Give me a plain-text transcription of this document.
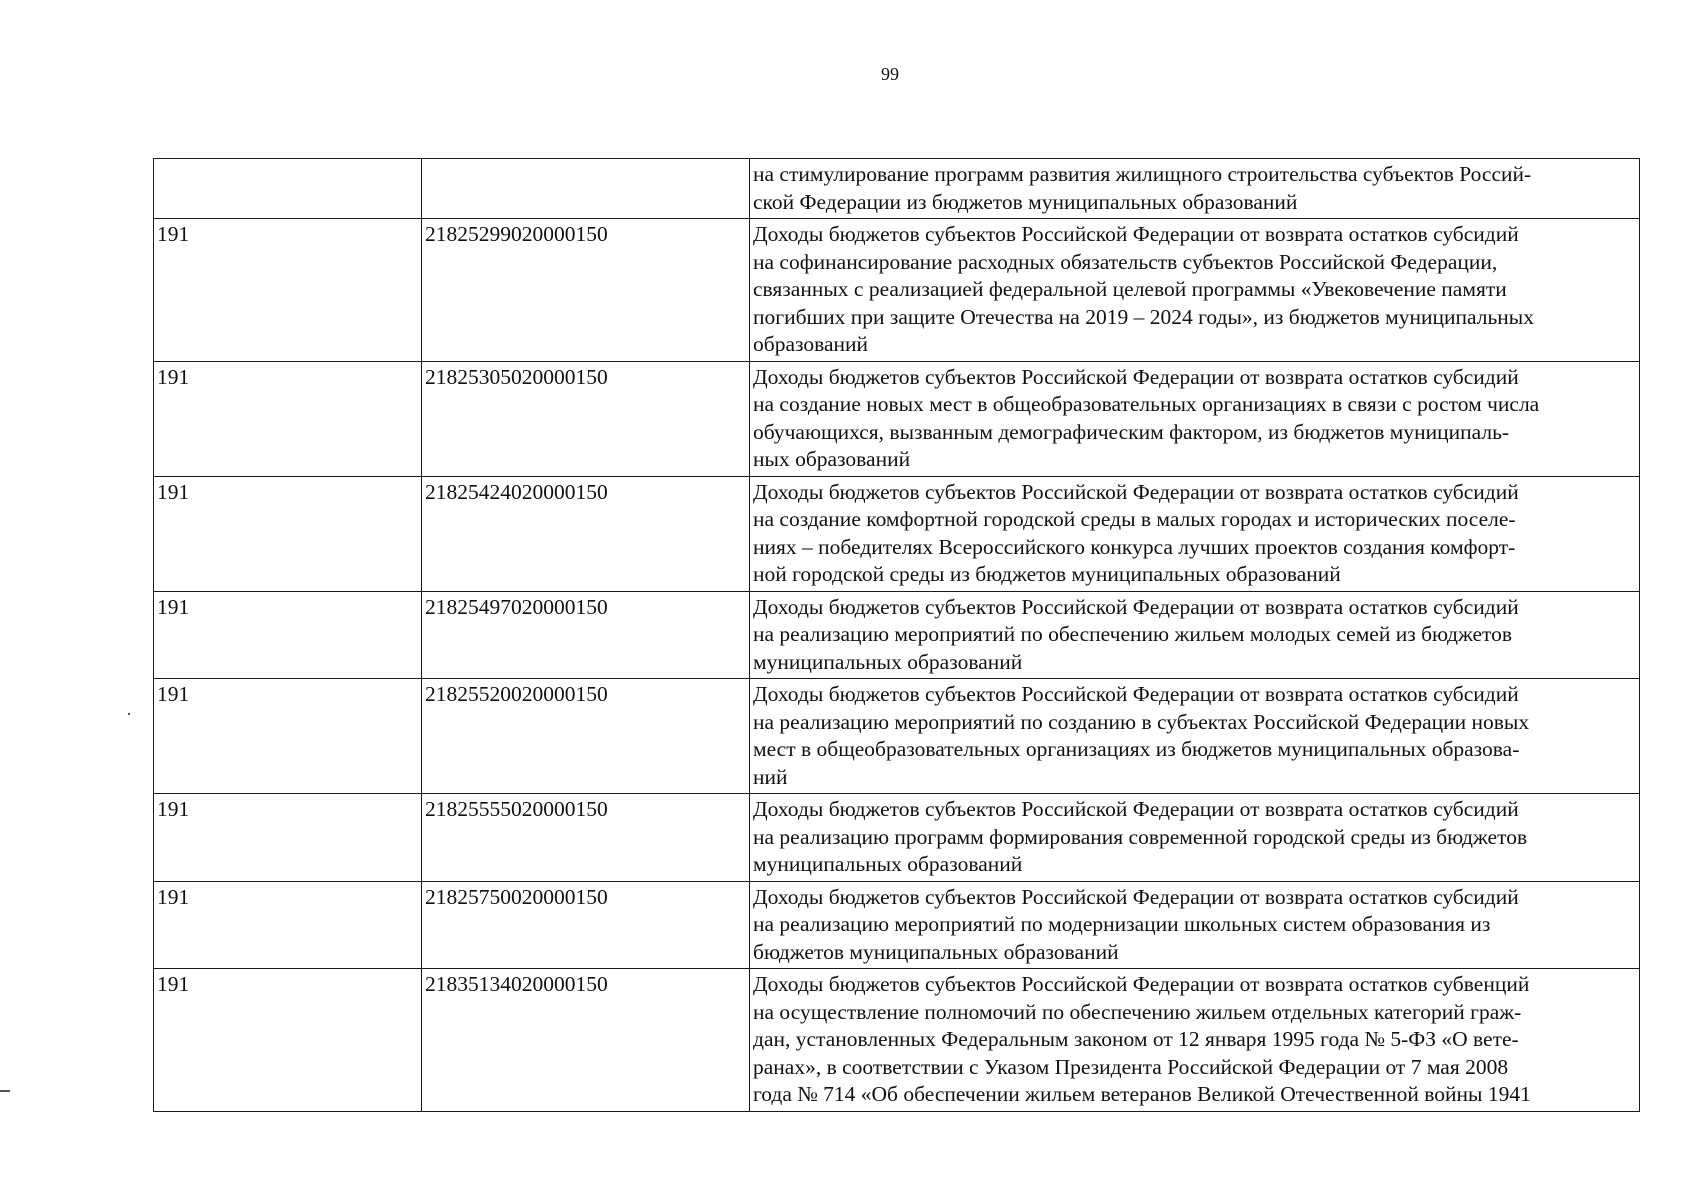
99

		на стимулирование программ развития жилищного строительства субъектов Россий-
ской Федерации из бюджетов муниципальных образований

191	21825299020000150	Доходы бюджетов субъектов Российской Федерации от возврата остатков субсидий
на софинансирование расходных обязательств субъектов Российской Федерации,
связанных с реализацией федеральной целевой программы «Увековечение памяти
погибших при защите Отечества на 2019 – 2024 годы», из бюджетов муниципальных
образований

191	21825305020000150	Доходы бюджетов субъектов Российской Федерации от возврата остатков субсидий
на создание новых мест в общеобразовательных организациях в связи с ростом числа
обучающихся, вызванным демографическим фактором, из бюджетов муниципаль-
ных образований

191	21825424020000150	Доходы бюджетов субъектов Российской Федерации от возврата остатков субсидий
на создание комфортной городской среды в малых городах и исторических поселе-
ниях – победителях Всероссийского конкурса лучших проектов создания комфорт-
ной городской среды из бюджетов муниципальных образований

191	21825497020000150	Доходы бюджетов субъектов Российской Федерации от возврата остатков субсидий
на реализацию мероприятий по обеспечению жильем молодых семей из бюджетов
муниципальных образований

191	21825520020000150	Доходы бюджетов субъектов Российской Федерации от возврата остатков субсидий
на реализацию мероприятий по созданию в субъектах Российской Федерации новых
мест в общеобразовательных организациях из бюджетов муниципальных образова-
ний

191	21825555020000150	Доходы бюджетов субъектов Российской Федерации от возврата остатков субсидий
на реализацию программ формирования современной городской среды из бюджетов
муниципальных образований

191	21825750020000150	Доходы бюджетов субъектов Российской Федерации от возврата остатков субсидий
на реализацию мероприятий по модернизации школьных систем образования из
бюджетов муниципальных образований

191	21835134020000150	Доходы бюджетов субъектов Российской Федерации от возврата остатков субвенций
на осуществление полномочий по обеспечению жильем отдельных категорий граж-
дан, установленных Федеральным законом от 12 января 1995 года № 5-ФЗ «О вете-
ранах», в соответствии с Указом Президента Российской Федерации от 7 мая 2008
года № 714 «Об обеспечении жильем ветеранов Великой Отечественной войны 1941
